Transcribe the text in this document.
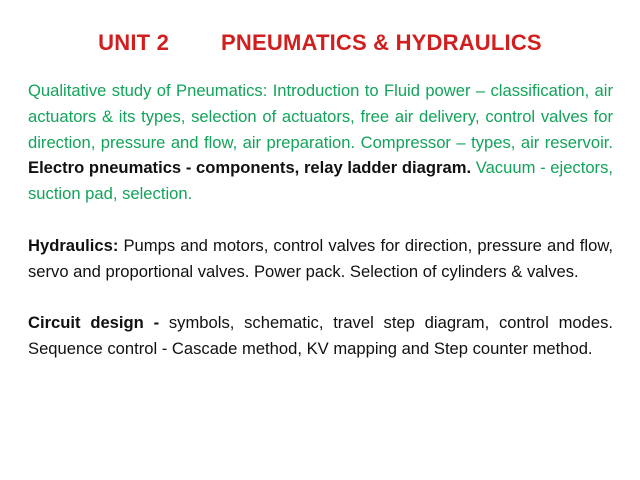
UNIT 2 PNEUMATICS & HYDRAULICS

Qualitative study of Pneumatics: Introduction to Fluid power – classification, air actuators & its types, selection of actuators, free air delivery, control valves for direction, pressure and flow, air preparation. Compressor – types, air reservoir. Electro pneumatics - components, relay ladder diagram. Vacuum - ejectors, suction pad, selection.

Hydraulics: Pumps and motors, control valves for direction, pressure and flow, servo and proportional valves. Power pack. Selection of cylinders & valves.

Circuit design - symbols, schematic, travel step diagram, control modes. Sequence control - Cascade method, KV mapping and Step counter method.
